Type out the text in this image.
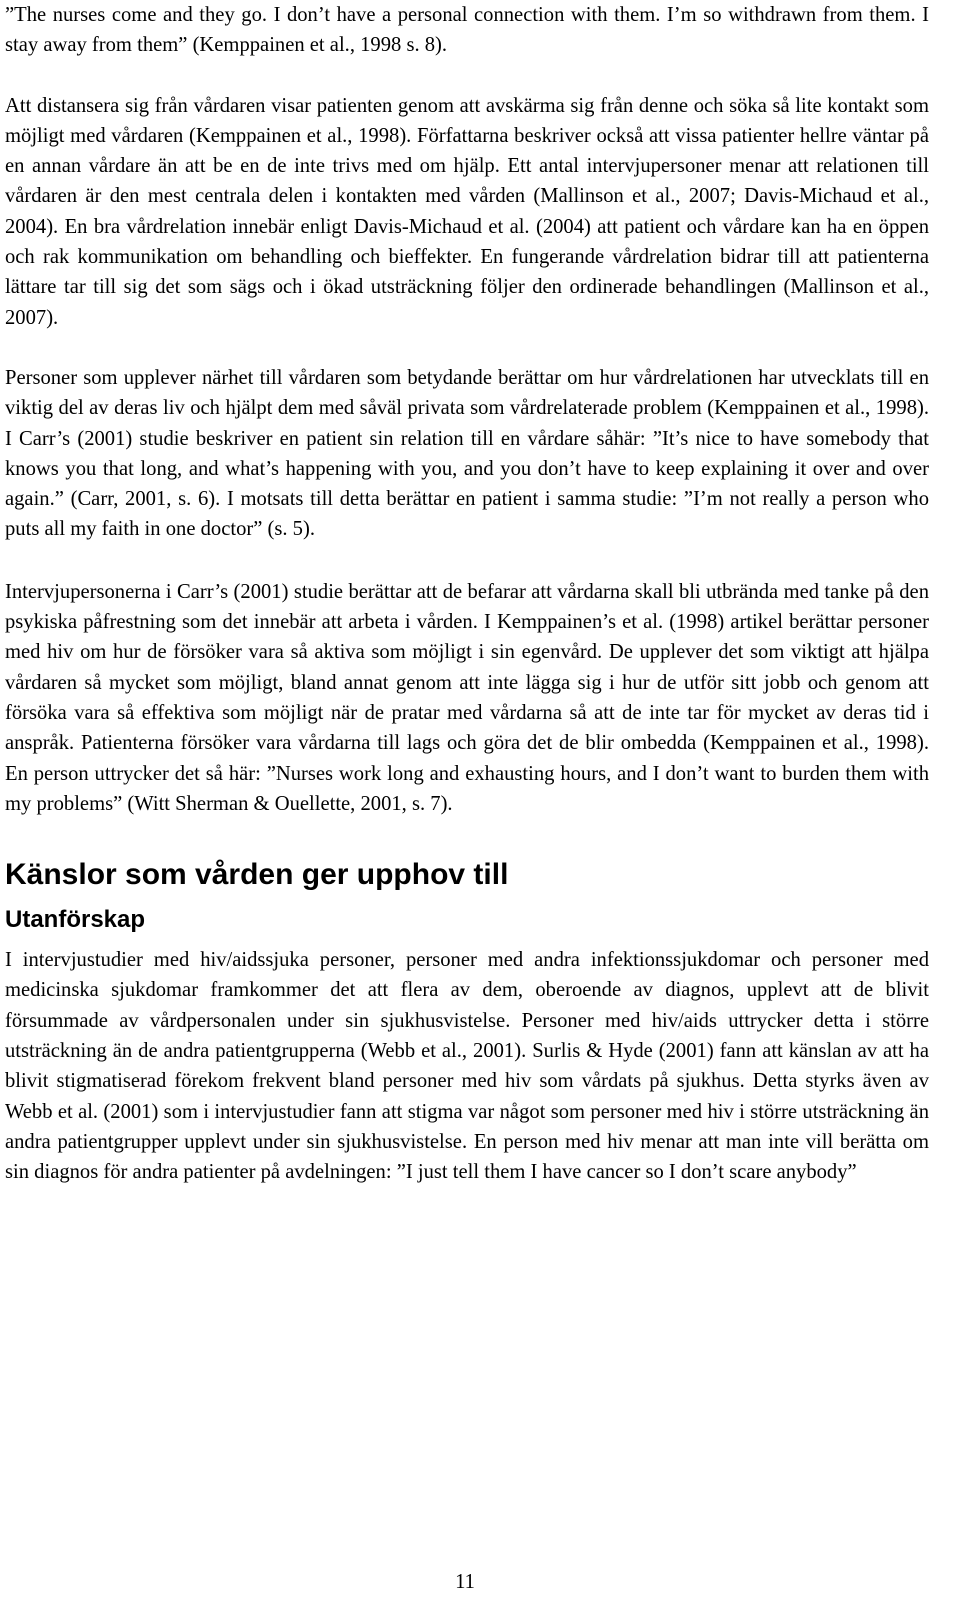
”The nurses come and they go. I don’t have a personal connection with them. I’m so withdrawn from them. I stay away from them” (Kemppainen et al., 1998 s. 8).

Att distansera sig från vårdaren visar patienten genom att avskärma sig från denne och söka så lite kontakt som möjligt med vårdaren (Kemppainen et al., 1998). Författarna beskriver också att vissa patienter hellre väntar på en annan vårdare än att be en de inte trivs med om hjälp. Ett antal intervjupersoner menar att relationen till vårdaren är den mest centrala delen i kontakten med vården (Mallinson et al., 2007; Davis-Michaud et al., 2004). En bra vårdrelation innebär enligt Davis-Michaud et al. (2004) att patient och vårdare kan ha en öppen och rak kommunikation om behandling och bieffekter. En fungerande vårdrelation bidrar till att patienterna lättare tar till sig det som sägs och i ökad utsträckning följer den ordinerade behandlingen (Mallinson et al., 2007).

Personer som upplever närhet till vårdaren som betydande berättar om hur vårdrelationen har utvecklats till en viktig del av deras liv och hjälpt dem med såväl privata som vårdrelaterade problem (Kemppainen et al., 1998). I Carr’s (2001) studie beskriver en patient sin relation till en vårdare såhär: ”It’s nice to have somebody that knows you that long, and what’s happening with you, and you don’t have to keep explaining it over and over again.” (Carr, 2001, s. 6). I motsats till detta berättar en patient i samma studie: ”I’m not really a person who puts all my faith in one doctor” (s. 5).

Intervjupersonerna i Carr’s (2001) studie berättar att de befarar att vårdarna skall bli utbrända med tanke på den psykiska påfrestning som det innebär att arbeta i vården. I Kemppainen’s et al. (1998) artikel berättar personer med hiv om hur de försöker vara så aktiva som möjligt i sin egenvård. De upplever det som viktigt att hjälpa vårdaren så mycket som möjligt, bland annat genom att inte lägga sig i hur de utför sitt jobb och genom att försöka vara så effektiva som möjligt när de pratar med vårdarna så att de inte tar för mycket av deras tid i anspråk. Patienterna försöker vara vårdarna till lags och göra det de blir ombedda (Kemppainen et al., 1998). En person uttrycker det så här: ”Nurses work long and exhausting hours, and I don’t want to burden them with my problems” (Witt Sherman & Ouellette, 2001, s. 7).

Känslor som vården ger upphov till
Utanförskap

I intervjustudier med hiv/aidssjuka personer, personer med andra infektionssjukdomar och personer med medicinska sjukdomar framkommer det att flera av dem, oberoende av diagnos, upplevt att de blivit försummade av vårdpersonalen under sin sjukhusvistelse. Personer med hiv/aids uttrycker detta i större utsträckning än de andra patientgrupperna (Webb et al., 2001). Surlis & Hyde (2001) fann att känslan av att ha blivit stigmatiserad förekom frekvent bland personer med hiv som vårdats på sjukhus. Detta styrks även av Webb et al. (2001) som i intervjustudier fann att stigma var något som personer med hiv i större utsträckning än andra patientgrupper upplevt under sin sjukhusvistelse. En person med hiv menar att man inte vill berätta om sin diagnos för andra patienter på avdelningen: ”I just tell them I have cancer so I don’t scare anybody”

11
